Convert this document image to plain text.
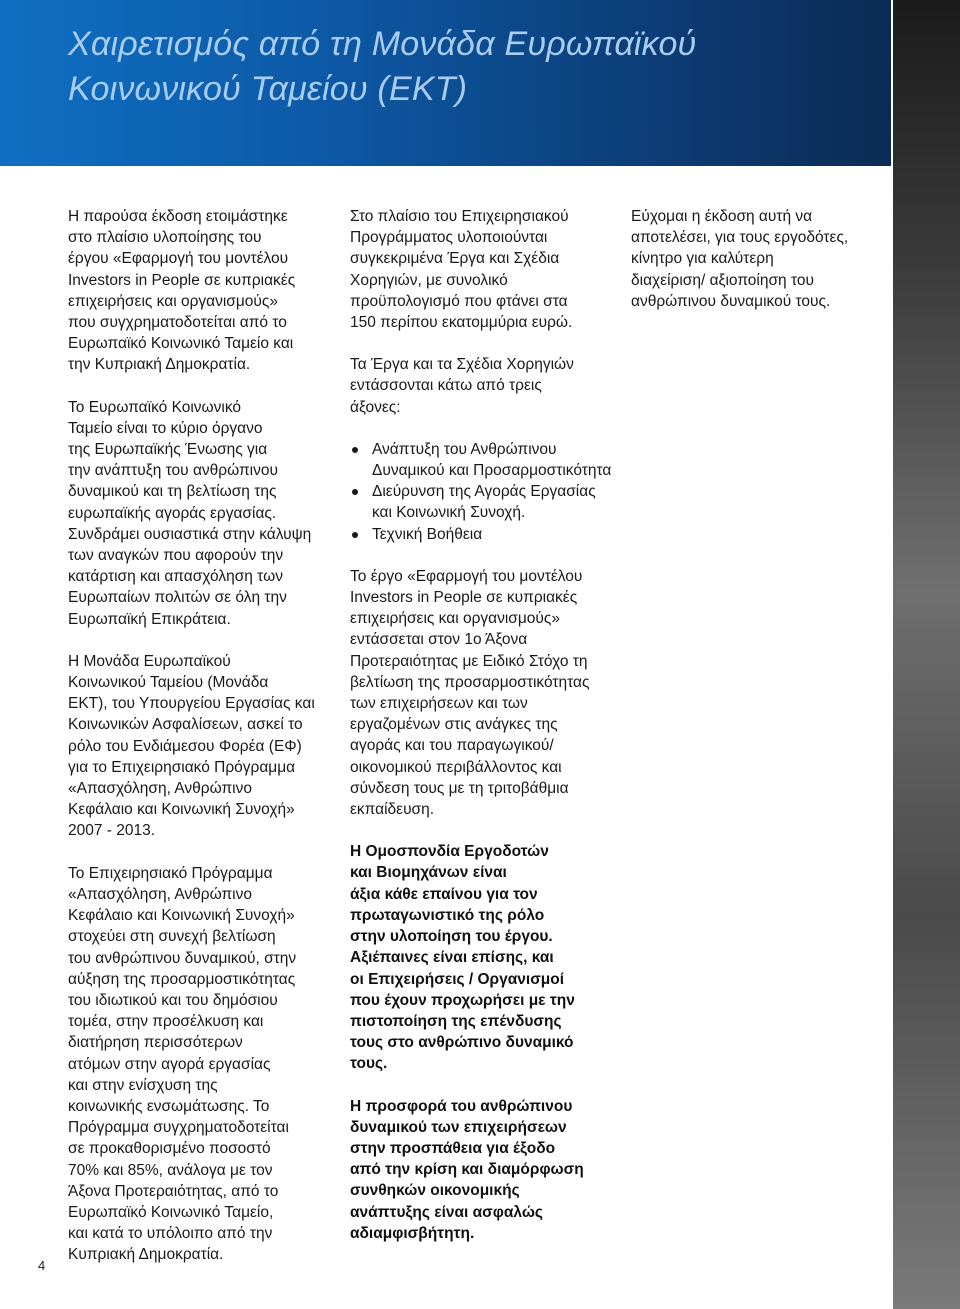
Χαιρετισμός από τη Μονάδα Ευρωπαϊκού
Κοινωνικού Ταμείου (ΕΚΤ)

Η παρούσα έκδοση ετοιμάστηκε
στο πλαίσιο υλοποίησης του
έργου «Εφαρμογή του μοντέλου
Investors in People σε κυπριακές
επιχειρήσεις και οργανισμούς»
που συγχρηματοδοτείται από το
Ευρωπαϊκό Κοινωνικό Ταμείο και
την Κυπριακή Δημοκρατία.

Το Ευρωπαϊκό Κοινωνικό
Ταμείο είναι το κύριο όργανο
της Ευρωπαϊκής Ένωσης για
την ανάπτυξη του ανθρώπινου
δυναμικού και τη βελτίωση της
ευρωπαϊκής αγοράς εργασίας.
Συνδράμει ουσιαστικά στην κάλυψη
των αναγκών που αφορούν την
κατάρτιση και απασχόληση των
Ευρωπαίων πολιτών σε όλη την
Ευρωπαϊκή Επικράτεια.

Η Μονάδα Ευρωπαϊκού
Κοινωνικού Ταμείου (Μονάδα
ΕΚΤ), του Υπουργείου Εργασίας και
Κοινωνικών Ασφαλίσεων, ασκεί το
ρόλο του Ενδιάμεσου Φορέα (ΕΦ)
για το Επιχειρησιακό Πρόγραμμα
«Απασχόληση, Ανθρώπινο
Κεφάλαιο και Κοινωνική Συνοχή»
2007 - 2013.

Το Επιχειρησιακό Πρόγραμμα
«Απασχόληση, Ανθρώπινο
Κεφάλαιο και Κοινωνική Συνοχή»
στοχεύει στη συνεχή βελτίωση
του ανθρώπινου δυναμικού, στην
αύξηση της προσαρμοστικότητας
του ιδιωτικού και του δημόσιου
τομέα, στην προσέλκυση και
διατήρηση περισσότερων
ατόμων στην αγορά εργασίας
και στην ενίσχυση της
κοινωνικής ενσωμάτωσης. Το
Πρόγραμμα συγχρηματοδοτείται
σε προκαθορισμένο ποσοστό
70% και 85%, ανάλογα με τον
Άξονα Προτεραιότητας, από το
Ευρωπαϊκό Κοινωνικό Ταμείο,
και κατά το υπόλοιπο από την
Κυπριακή Δημοκρατία.

Στο πλαίσιο του Επιχειρησιακού
Προγράμματος υλοποιούνται
συγκεκριμένα Έργα και Σχέδια
Χορηγιών, με συνολικό
προϋπολογισμό που φτάνει στα
150 περίπου εκατομμύρια ευρώ.

Τα Έργα και τα Σχέδια Χορηγιών
εντάσσονται κάτω από τρεις
άξονες:

Ανάπτυξη του Ανθρώπινου
Δυναμικού και Προσαρμοστικότητα
Διεύρυνση της Αγοράς Εργασίας
και Κοινωνική Συνοχή.
Τεχνική Βοήθεια

Το έργο «Εφαρμογή του μοντέλου
Investors in People σε κυπριακές
επιχειρήσεις και οργανισμούς»
εντάσσεται στον 1ο Άξονα
Προτεραιότητας με Ειδικό Στόχο τη
βελτίωση της προσαρμοστικότητας
των επιχειρήσεων και των
εργαζομένων στις ανάγκες της
αγοράς και του παραγωγικού/
οικονομικού περιβάλλοντος και
σύνδεση τους με τη τριτοβάθμια
εκπαίδευση.

Η Ομοσπονδία Εργοδοτών
και Βιομηχάνων είναι
άξια κάθε επαίνου για τον
πρωταγωνιστικό της ρόλο
στην υλοποίηση του έργου.
Αξιέπαινες είναι επίσης, και
οι Επιχειρήσεις / Οργανισμοί
που έχουν προχωρήσει με την
πιστοποίηση της επένδυσης
τους στο ανθρώπινο δυναμικό
τους.

Η προσφορά του ανθρώπινου
δυναμικού των επιχειρήσεων
στην προσπάθεια για έξοδο
από την κρίση και διαμόρφωση
συνθηκών οικονομικής
ανάπτυξης είναι ασφαλώς
αδιαμφισβήτητη.

Εύχομαι η έκδοση αυτή να
αποτελέσει, για τους εργοδότες,
κίνητρο για καλύτερη
διαχείριση/ αξιοποίηση του
ανθρώπινου δυναμικού τους.

4
